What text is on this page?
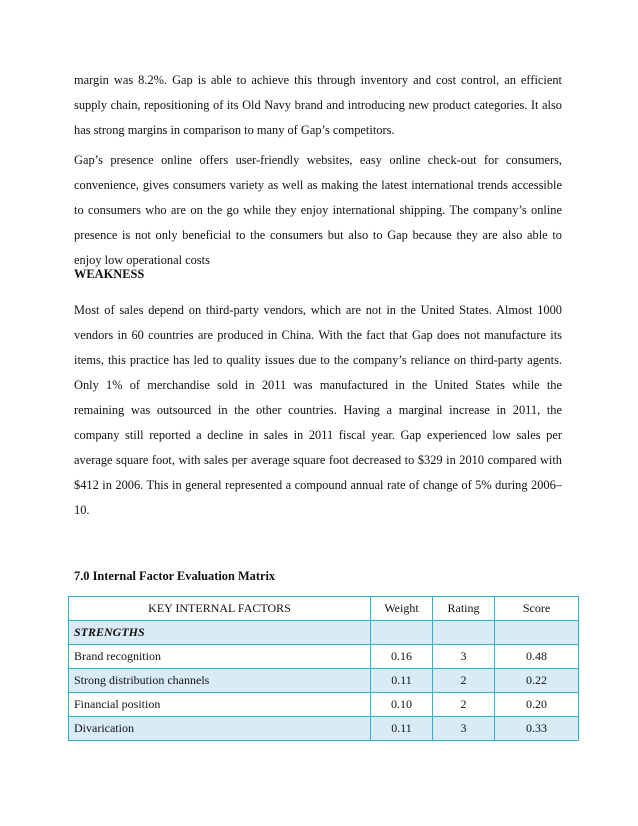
margin was 8.2%. Gap is able to achieve this through inventory and cost control, an efficient
supply chain, repositioning of its Old Navy brand and introducing new product categories. It also
has strong margins in comparison to many of Gap’s competitors.

Gap’s presence online offers user-friendly websites, easy online check-out for consumers,
convenience, gives consumers variety as well as making the latest international trends accessible
to consumers who are on the go while they enjoy international shipping. The company’s online
presence is not only beneficial to the consumers but also to Gap because they are also able to
enjoy low operational costs

WEAKNESS

Most of sales depend on third-party vendors, which are not in the United States. Almost 1000
vendors in 60 countries are produced in China. With the fact that Gap does not manufacture its
items, this practice has led to quality issues due to the company’s reliance on third-party agents.
Only 1% of merchandise sold in 2011 was manufactured in the United States while the
remaining was outsourced in the other countries. Having a marginal increase in 2011, the
company still reported a decline in sales in 2011 fiscal year. Gap experienced low sales per
average square foot, with sales per average square foot decreased to $329 in 2010 compared with
$412 in 2006. This in general represented a compound annual rate of change of 5% during 2006–
10.

7.0 Internal Factor Evaluation Matrix
KEY INTERNAL FACTORS	Weight	Rating	Score
STRENGTHS			
Brand recognition	0.16	3	0.48
Strong distribution channels	0.11	2	0.22
Financial position	0.10	2	0.20
Divarication	0.11	3	0.33
